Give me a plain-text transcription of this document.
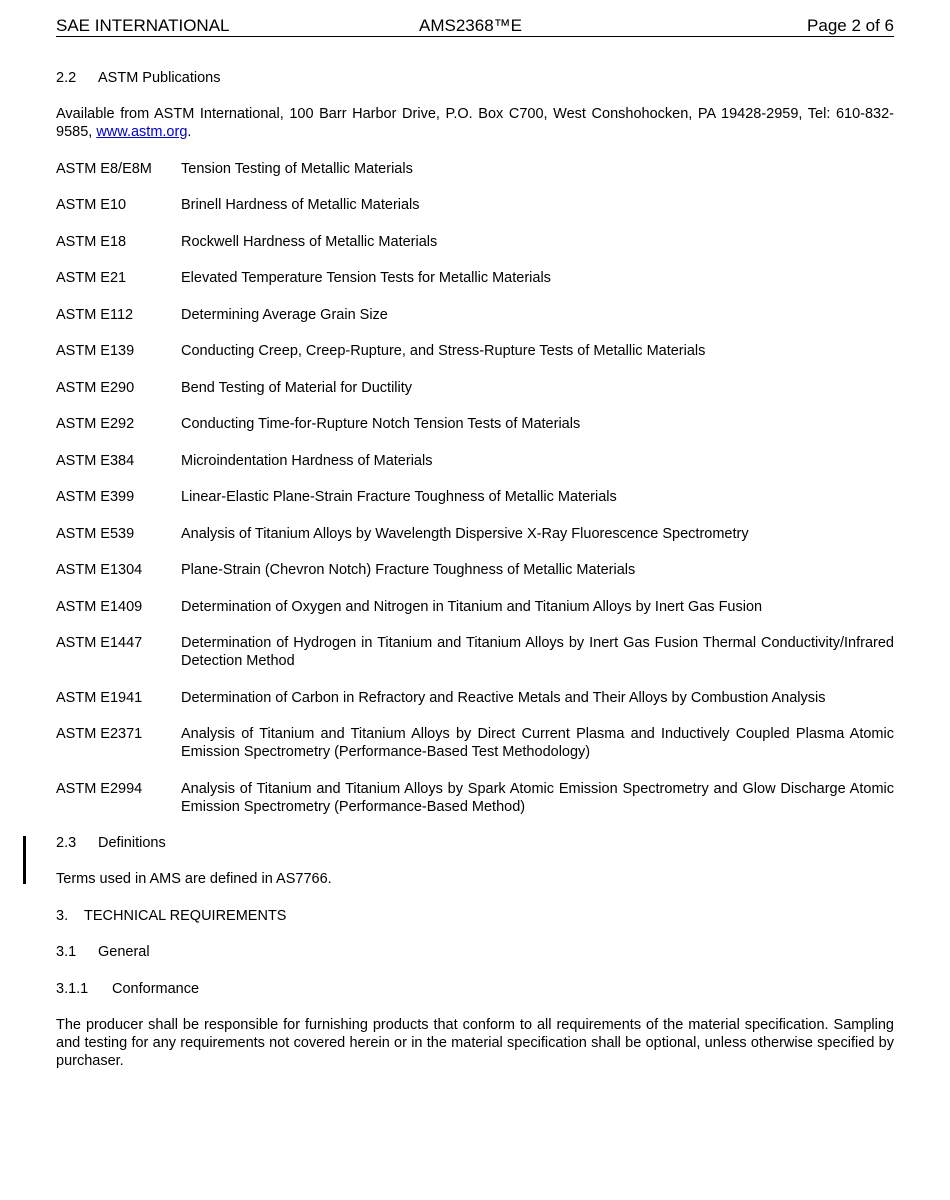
SAE INTERNATIONAL	AMS2368™E	Page 2 of 6
2.2 ASTM Publications
Available from ASTM International, 100 Barr Harbor Drive, P.O. Box C700, West Conshohocken, PA 19428-2959, Tel: 610-832-9585, www.astm.org.
ASTM E8/E8M Tension Testing of Metallic Materials
ASTM E10	Brinell Hardness of Metallic Materials
ASTM E18	Rockwell Hardness of Metallic Materials
ASTM E21	Elevated Temperature Tension Tests for Metallic Materials
ASTM E112	Determining Average Grain Size
ASTM E139	Conducting Creep, Creep-Rupture, and Stress-Rupture Tests of Metallic Materials
ASTM E290	Bend Testing of Material for Ductility
ASTM E292	Conducting Time-for-Rupture Notch Tension Tests of Materials
ASTM E384	Microindentation Hardness of Materials
ASTM E399	Linear-Elastic Plane-Strain Fracture Toughness of Metallic Materials
ASTM E539	Analysis of Titanium Alloys by Wavelength Dispersive X-Ray Fluorescence Spectrometry
ASTM E1304	Plane-Strain (Chevron Notch) Fracture Toughness of Metallic Materials
ASTM E1409	Determination of Oxygen and Nitrogen in Titanium and Titanium Alloys by Inert Gas Fusion
ASTM E1447	Determination of Hydrogen in Titanium and Titanium Alloys by Inert Gas Fusion Thermal Conductivity/Infrared Detection Method
ASTM E1941	Determination of Carbon in Refractory and Reactive Metals and Their Alloys by Combustion Analysis
ASTM E2371	Analysis of Titanium and Titanium Alloys by Direct Current Plasma and Inductively Coupled Plasma Atomic Emission Spectrometry (Performance-Based Test Methodology)
ASTM E2994	Analysis of Titanium and Titanium Alloys by Spark Atomic Emission Spectrometry and Glow Discharge Atomic Emission Spectrometry (Performance-Based Method)
2.3 Definitions
Terms used in AMS are defined in AS7766.
3. TECHNICAL REQUIREMENTS
3.1 General
3.1.1 Conformance
The producer shall be responsible for furnishing products that conform to all requirements of the material specification. Sampling and testing for any requirements not covered herein or in the material specification shall be optional, unless otherwise specified by purchaser.
